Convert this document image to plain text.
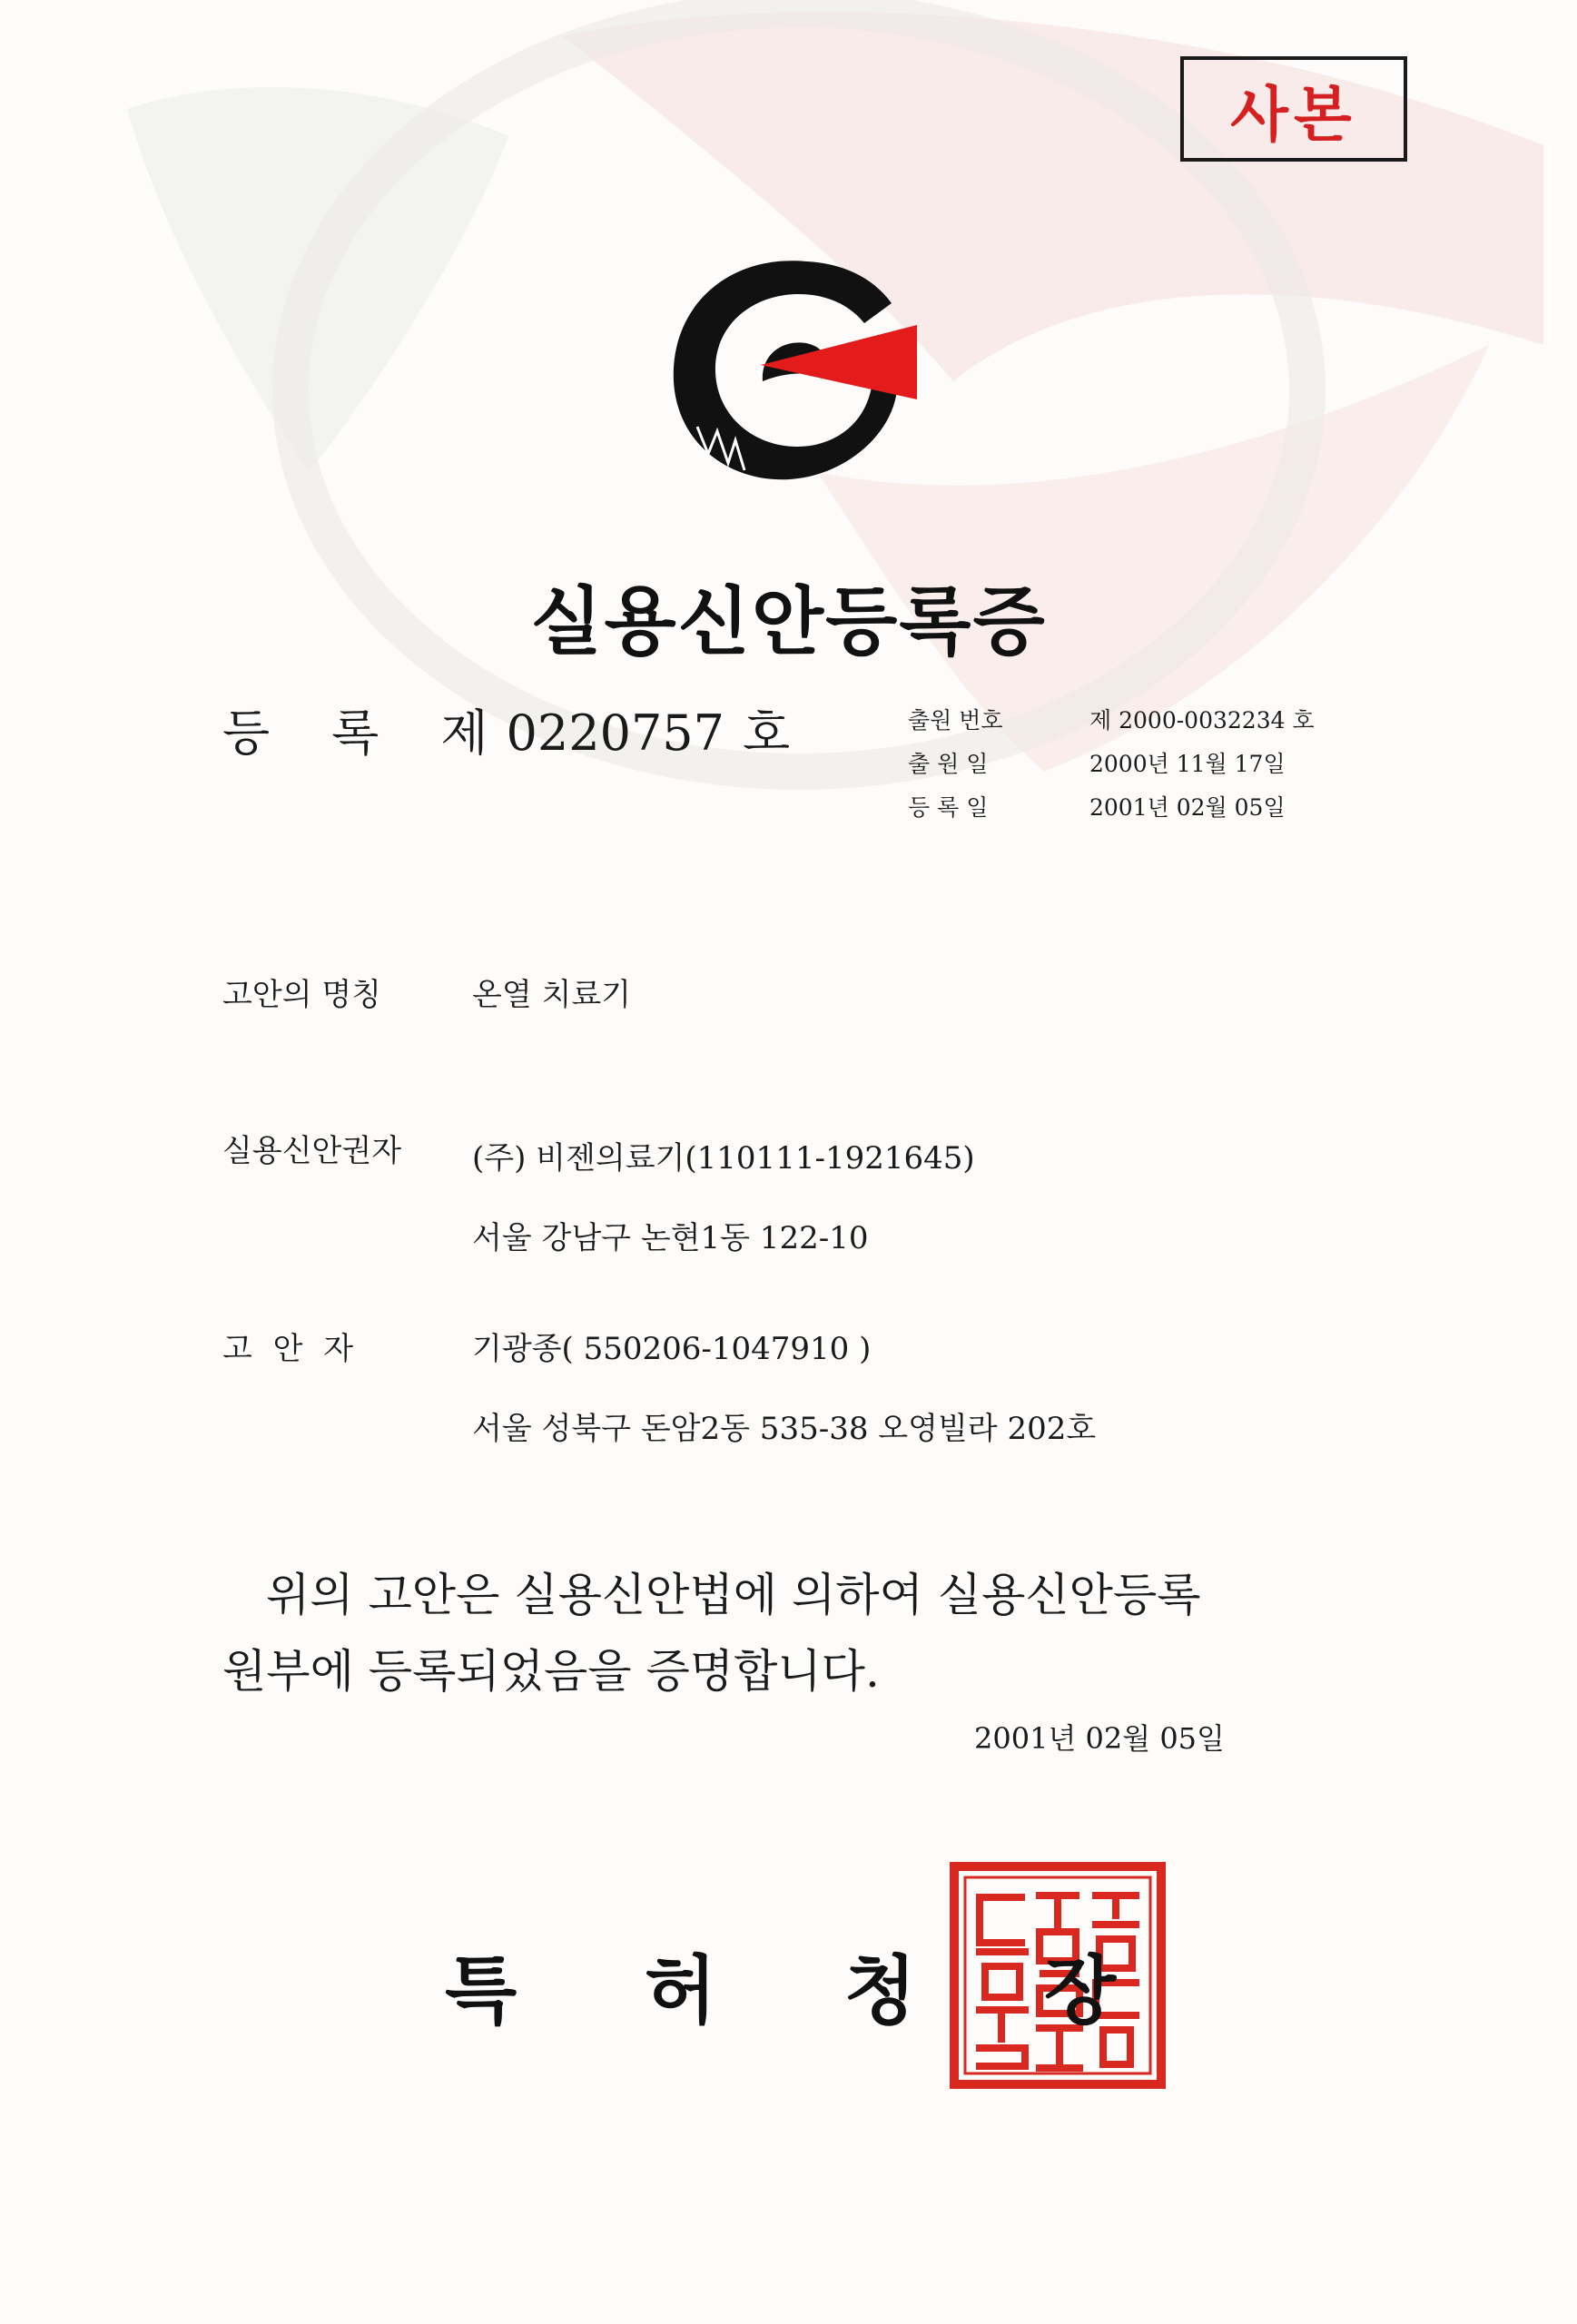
사본
실용신안등록증
등 록 제 0220757 호	출원 번호	제 2000-0032234 호
출 원 일	2000년 11월 17일
등 록 일	2001년 02월 05일
고안의 명칭	온열 치료기
실용신안권자 (주) 비젠의료기(110111-1921645)
서울 강남구 논현1동 122-10
고 안 자	기광종( 550206-1047910 )
서울 성북구 돈암2동 535-38 오영빌라 202호
위의 고안은 실용신안법에 의하여 실용신안등록
원부에 등록되었음을 증명합니다.
2001년 02월 05일
특 허 청 장
